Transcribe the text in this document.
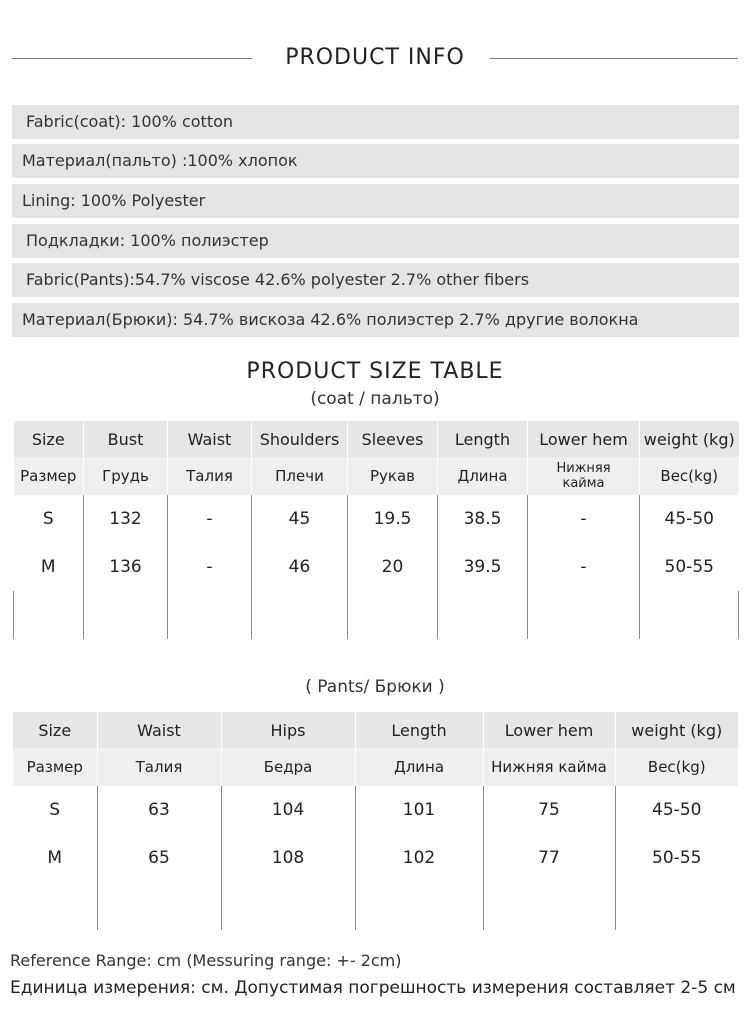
PRODUCT INFO
Fabric(coat): 100% cotton
Материал(пальто) :100% хлопок
Lining: 100% Polyester
Подкладки: 100% полиэстер
Fabric(Pants):54.7% viscose 42.6% polyester 2.7% other fibers
Материал(Брюки): 54.7% вискоза 42.6% полиэстер 2.7% другие волокна
PRODUCT SIZE TABLE
(coat / пальто)
Size	Bust	Waist	Shoulders	Sleeves	Length	Lower hem	weight (kg)
Размер	Грудь	Талия	Плечи	Рукав	Длина	Нижняя кайма	Вес(kg)
S	132	-	45	19.5	38.5	-	45-50
M	136	-	46	20	39.5	-	50-55

( Pants/ Брюки )
Size	Waist	Hips	Length	Lower hem	weight (kg)
Размер	Талия	Бедра	Длина	Нижняя кайма	Вес(kg)
S	63	104	101	75	45-50
M	65	108	102	77	50-55

Reference Range: cm (Messuring range: +- 2cm)
Единица измерения: см. Допустимая погрешность измерения составляет 2-5 см
